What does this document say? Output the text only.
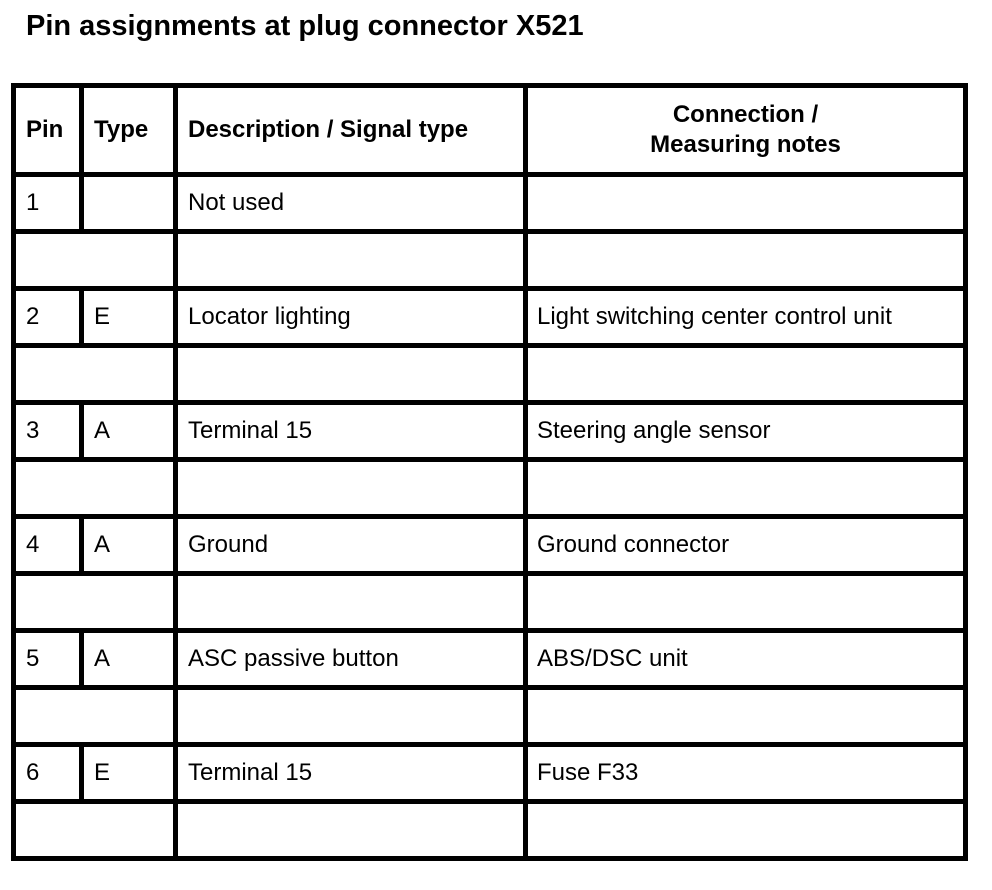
Pin assignments at plug connector X521
Pin	Type	Description / Signal type	Connection /
Measuring notes

1		Not used	

2	E	Locator lighting	Light switching center control unit

3	A	Terminal 15	Steering angle sensor

4	A	Ground	Ground connector

5	A	ASC passive button	ABS/DSC unit

6	E	Terminal 15	Fuse F33
